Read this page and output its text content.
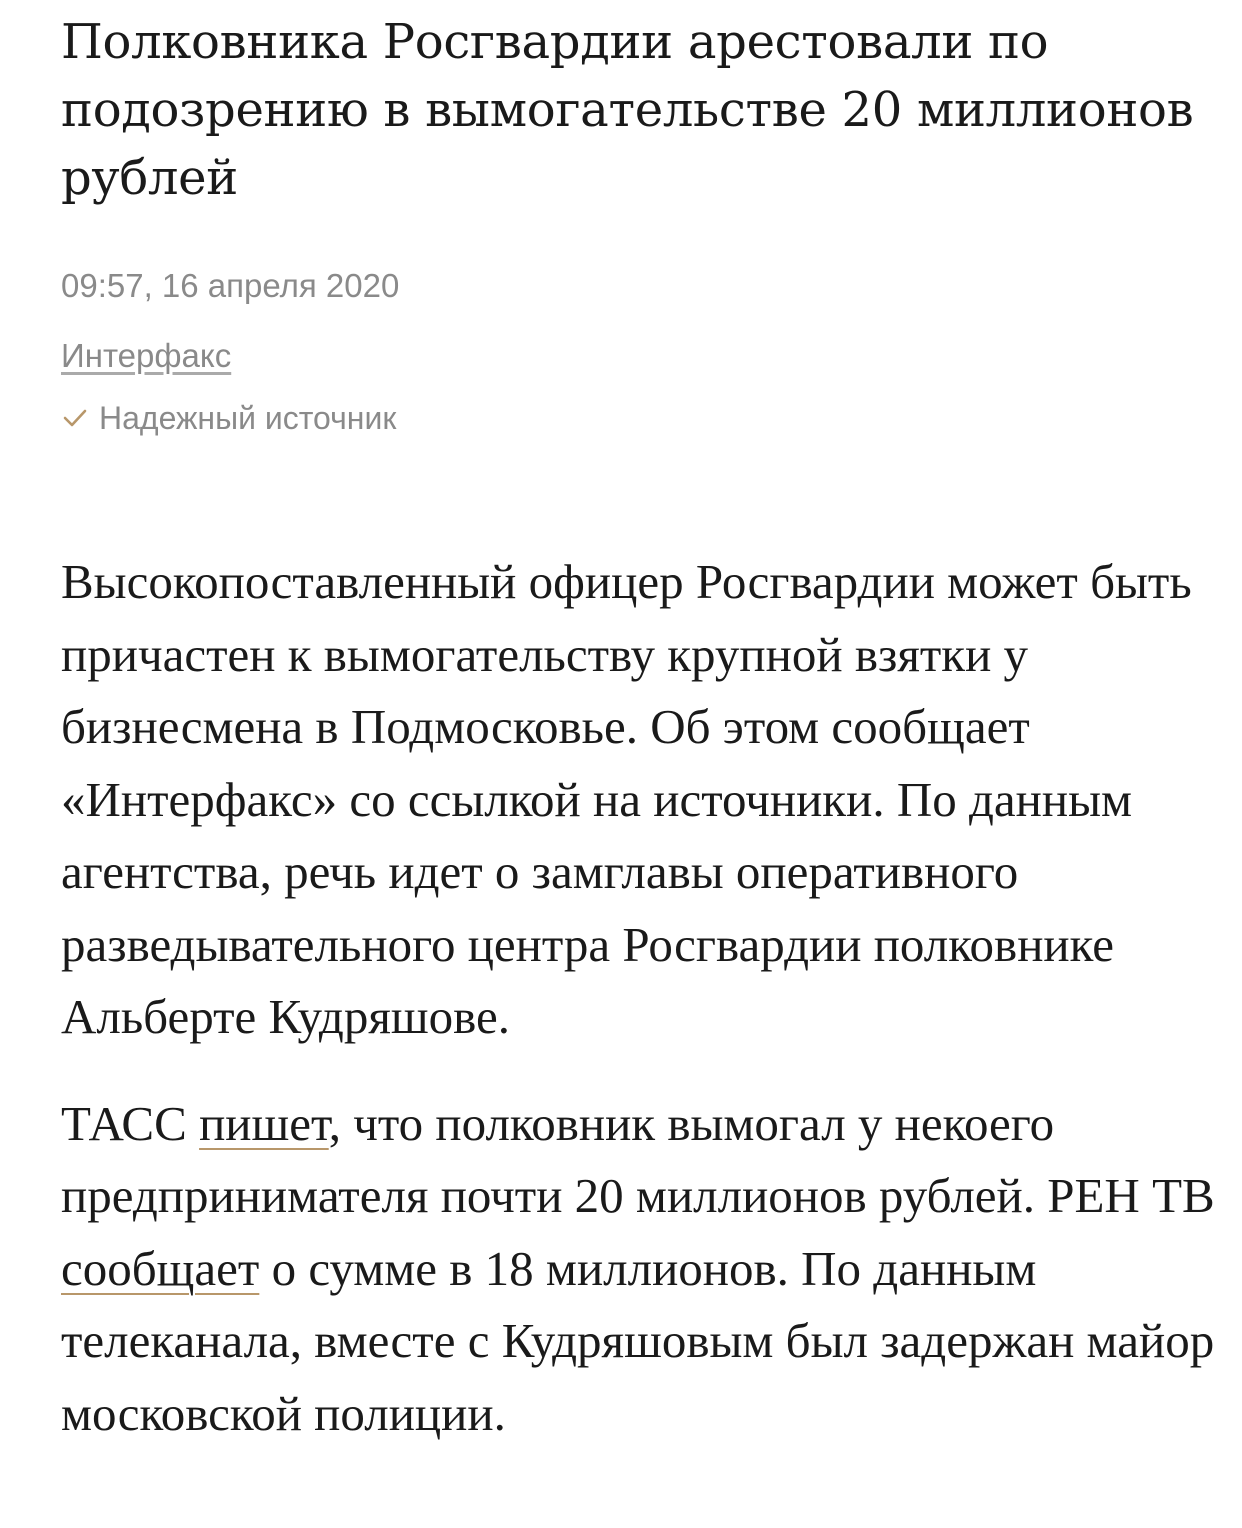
Полковника Росгвардии арестовали по подозрению в вымогательстве 20 миллионов рублей
09:57, 16 апреля 2020
Интерфакс
Надежный источник

Высокопоставленный офицер Росгвардии может быть причастен к вымогательству крупной взятки у бизнесмена в Подмосковье. Об этом сообщает «Интерфакс» со ссылкой на источники. По данным агентства, речь идет о замглавы оперативного разведывательного центра Росгвардии полковнике Альберте Кудряшове.

ТАСС пишет, что полковник вымогал у некоего предпринимателя почти 20 миллионов рублей. РЕН ТВ сообщает о сумме в 18 миллионов. По данным телеканала, вместе с Кудряшовым был задержан майор московской полиции.
